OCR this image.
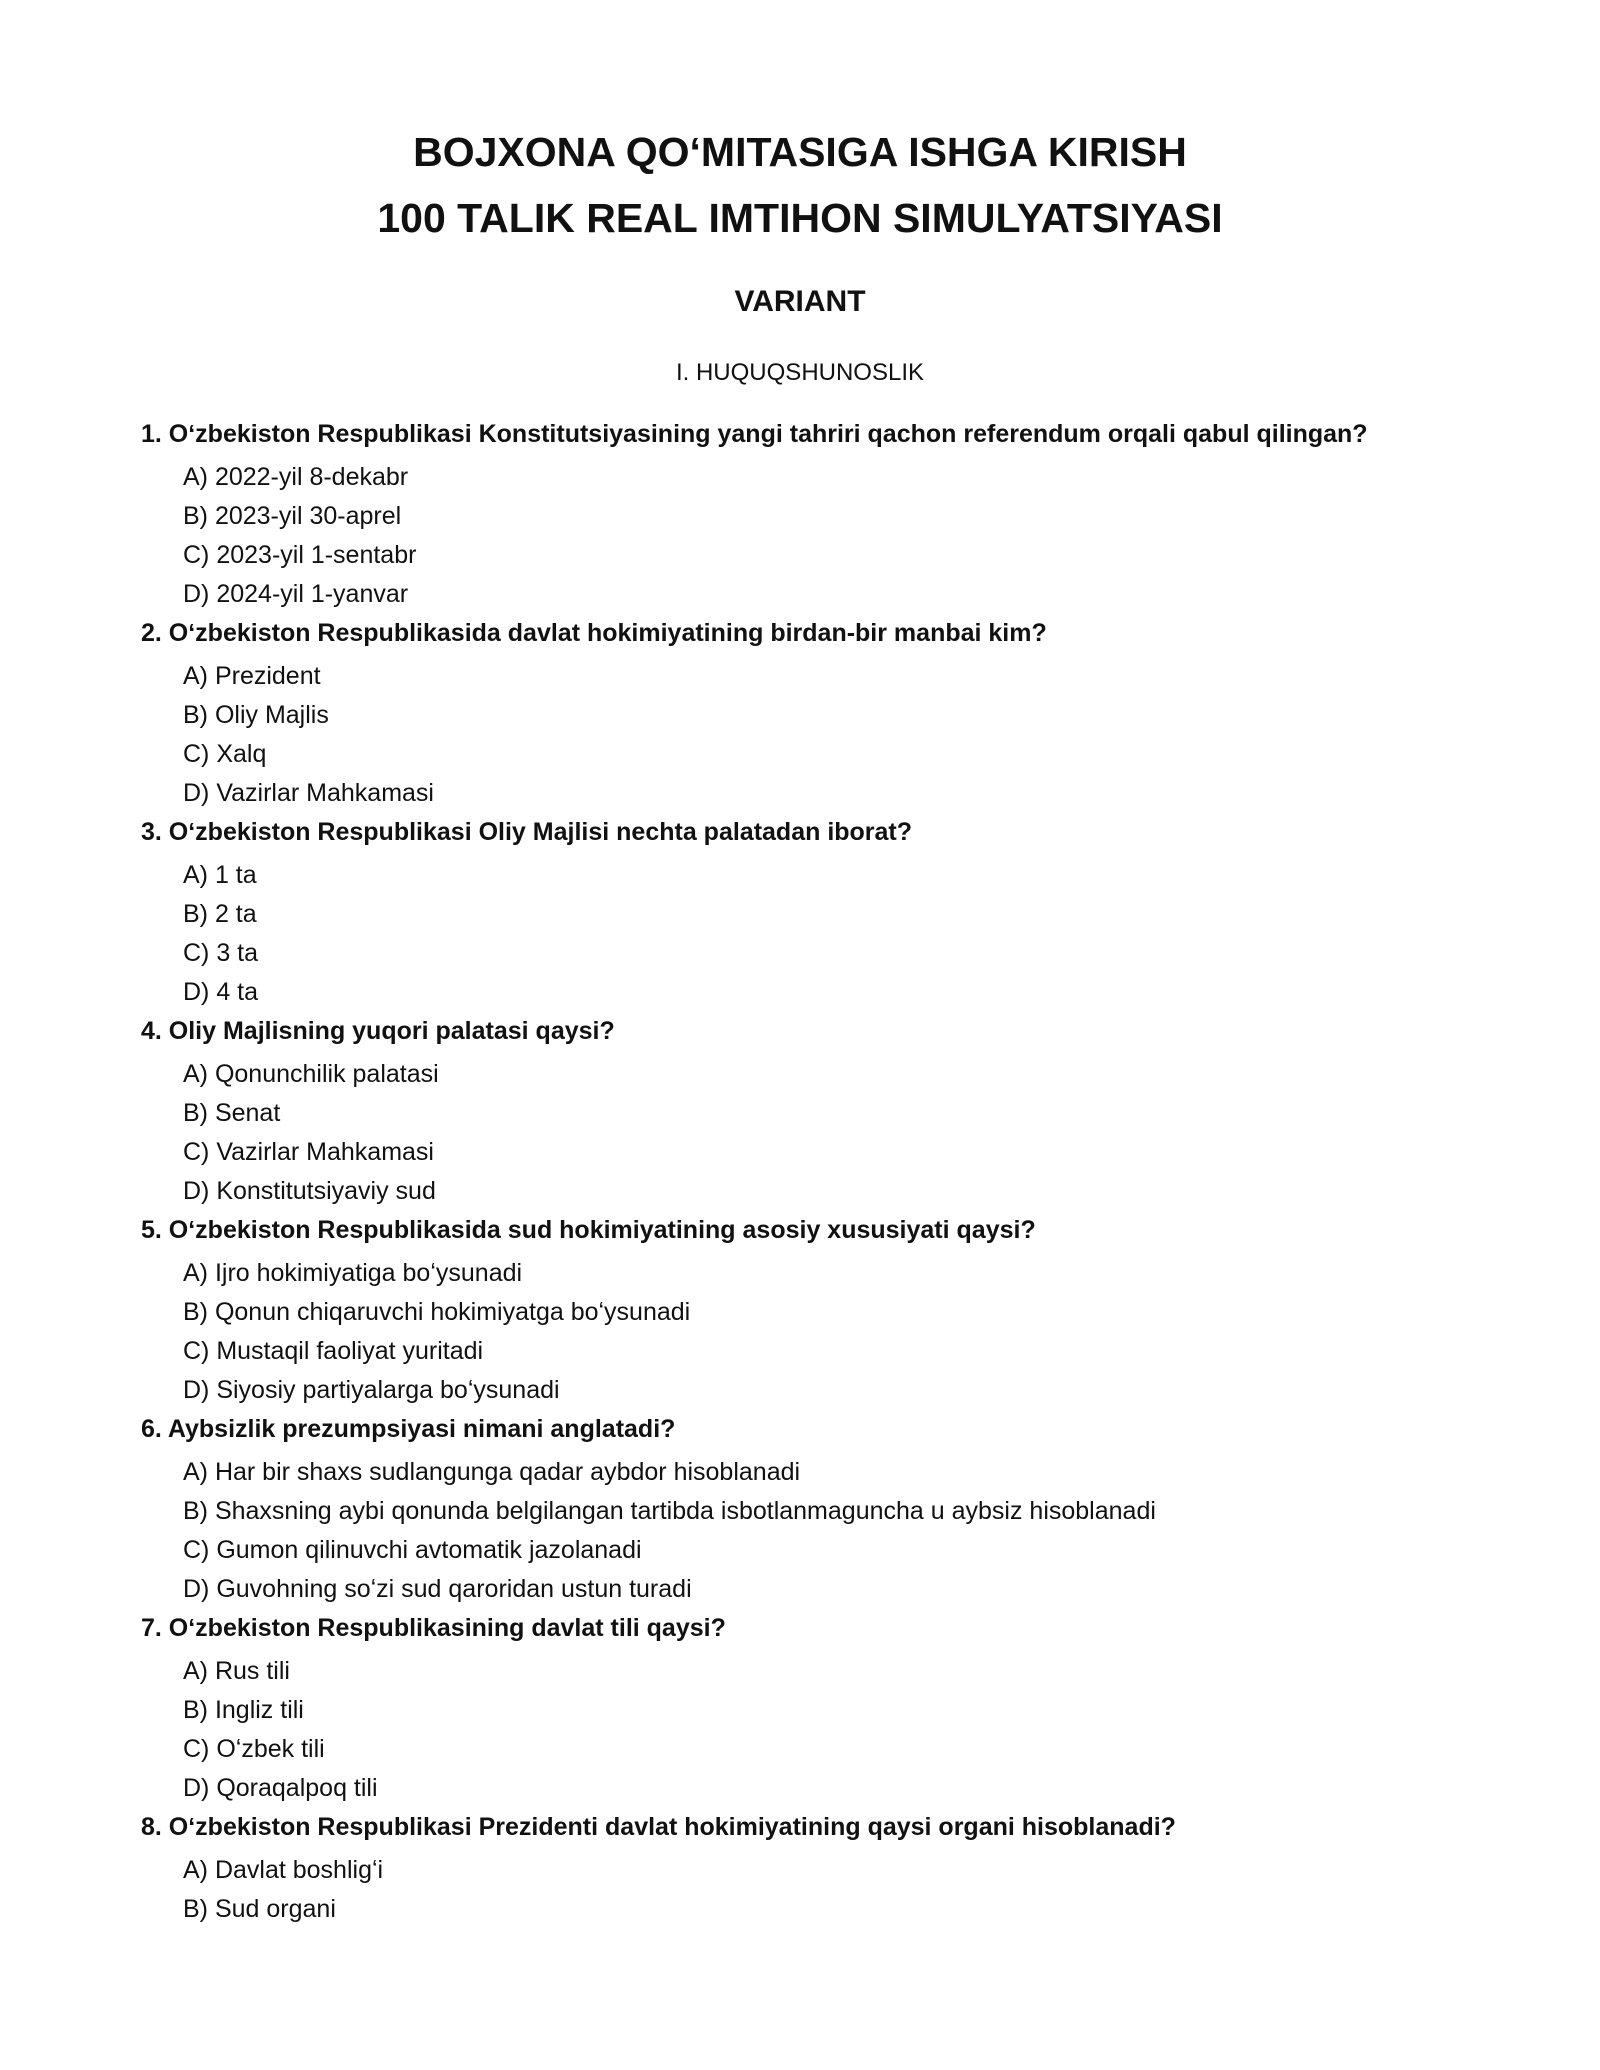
BOJXONA QOʻMITASIGA ISHGA KIRISH
100 TALIK REAL IMTIHON SIMULYATSIYASI
VARIANT
I. HUQUQSHUNOSLIK
1. Oʻzbekiston Respublikasi Konstitutsiyasining yangi tahriri qachon referendum orqali qabul qilingan?
A) 2022-yil 8-dekabr
B) 2023-yil 30-aprel
C) 2023-yil 1-sentabr
D) 2024-yil 1-yanvar
2. Oʻzbekiston Respublikasida davlat hokimiyatining birdan-bir manbai kim?
A) Prezident
B) Oliy Majlis
C) Xalq
D) Vazirlar Mahkamasi
3. Oʻzbekiston Respublikasi Oliy Majlisi nechta palatadan iborat?
A) 1 ta
B) 2 ta
C) 3 ta
D) 4 ta
4. Oliy Majlisning yuqori palatasi qaysi?
A) Qonunchilik palatasi
B) Senat
C) Vazirlar Mahkamasi
D) Konstitutsiyaviy sud
5. Oʻzbekiston Respublikasida sud hokimiyatining asosiy xususiyati qaysi?
A) Ijro hokimiyatiga boʻysunadi
B) Qonun chiqaruvchi hokimiyatga boʻysunadi
C) Mustaqil faoliyat yuritadi
D) Siyosiy partiyalarga boʻysunadi
6. Aybsizlik prezumpsiyasi nimani anglatadi?
A) Har bir shaxs sudlangunga qadar aybdor hisoblanadi
B) Shaxsning aybi qonunda belgilangan tartibda isbotlanmaguncha u aybsiz hisoblanadi
C) Gumon qilinuvchi avtomatik jazolanadi
D) Guvohning soʻzi sud qaroridan ustun turadi
7. Oʻzbekiston Respublikasining davlat tili qaysi?
A) Rus tili
B) Ingliz tili
C) Oʻzbek tili
D) Qoraqalpoq tili
8. Oʻzbekiston Respublikasi Prezidenti davlat hokimiyatining qaysi organi hisoblanadi?
A) Davlat boshligʻi
B) Sud organi
